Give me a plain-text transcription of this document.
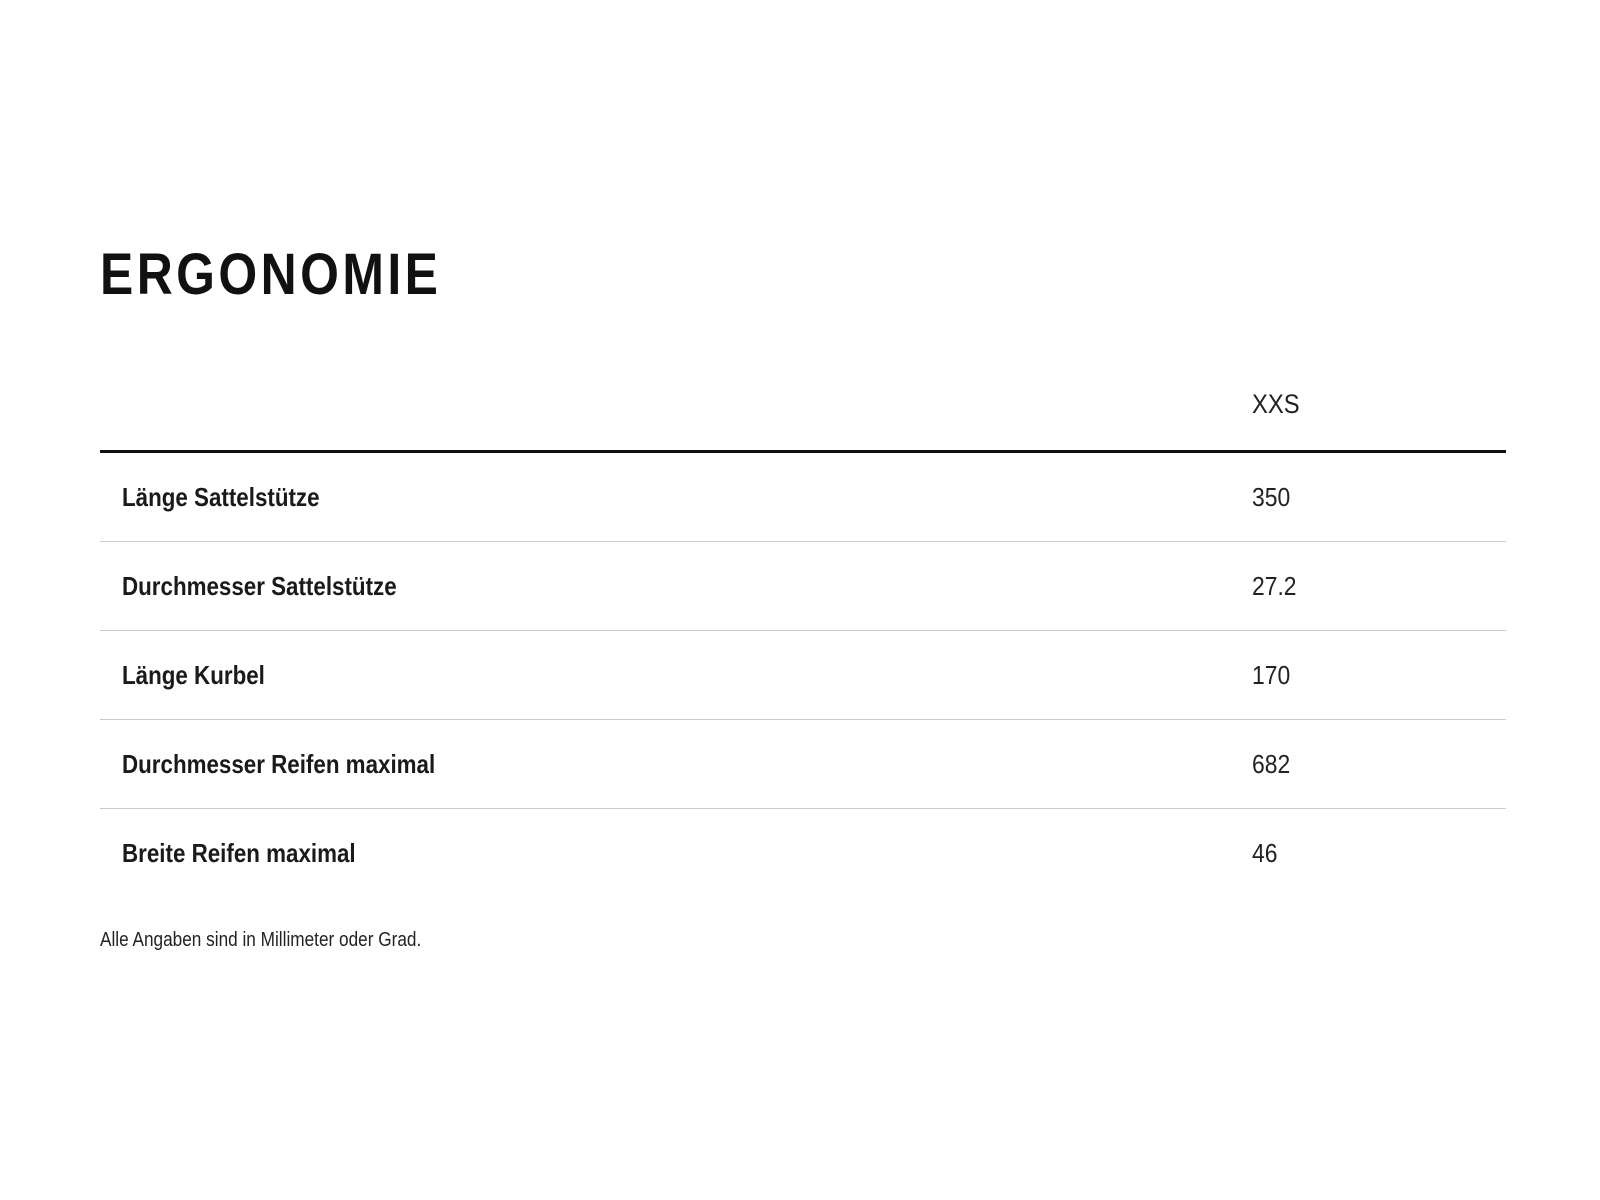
ERGONOMIE
XXS
Länge Sattelstütze	350
Durchmesser Sattelstütze	27.2
Länge Kurbel	170
Durchmesser Reifen maximal	682
Breite Reifen maximal	46
Alle Angaben sind in Millimeter oder Grad.
